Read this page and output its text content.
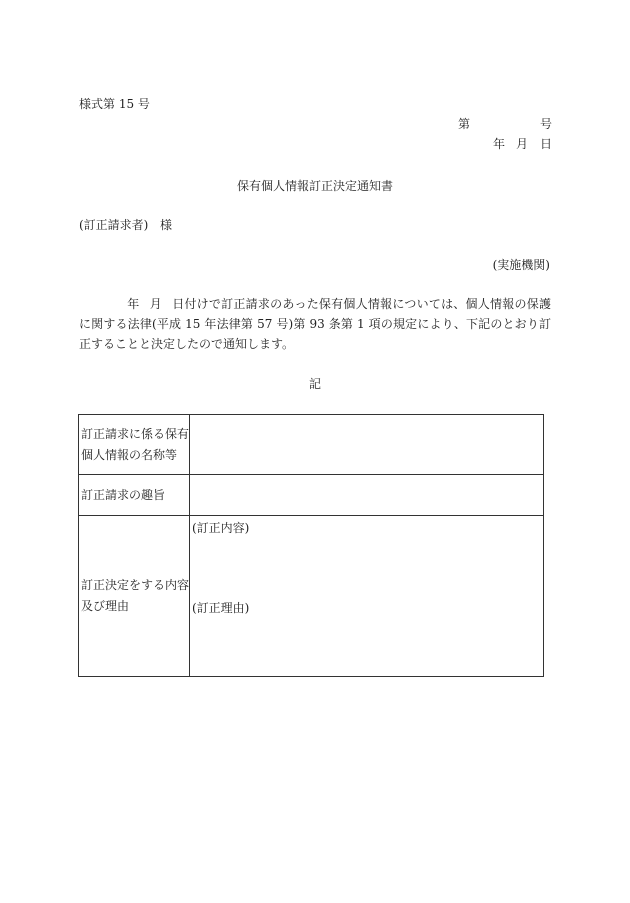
様式第 15 号
第	号
年 月 日
保有個人情報訂正決定通知書
(訂正請求者) 様
(実施機関)
年 月 日付けで訂正請求のあった保有個人情報については、個人情報の保護に関する法律(平成 15 年法律第 57 号)第 93 条第 1 項の規定により、下記のとおり訂正することと決定したので通知します。
記
訂正請求に係る保有個人情報の名称等	
訂正請求の趣旨	
訂正決定をする内容及び理由	(訂正内容)
(訂正理由)
